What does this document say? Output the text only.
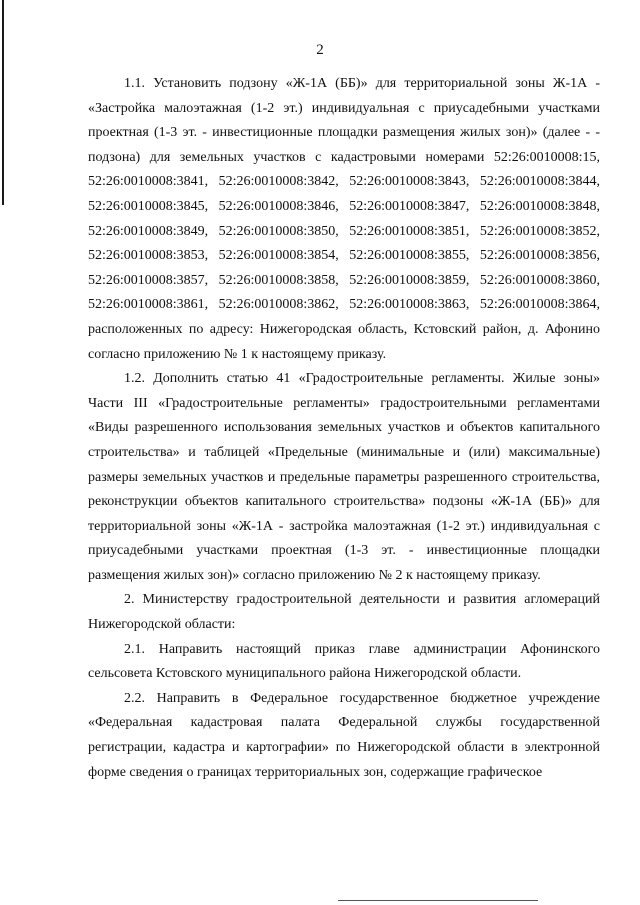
2

1.1. Установить подзону «Ж-1А (ББ)» для территориальной зоны Ж-1А - «Застройка малоэтажная (1-2 эт.) индивидуальная с приусадебными участками проектная (1-3 эт. - инвестиционные площадки размещения жилых зон)» (далее - - подзона) для земельных участков с кадастровыми номерами 52:26:0010008:15, 52:26:0010008:3841, 52:26:0010008:3842, 52:26:0010008:3843, 52:26:0010008:3844, 52:26:0010008:3845, 52:26:0010008:3846, 52:26:0010008:3847, 52:26:0010008:3848, 52:26:0010008:3849, 52:26:0010008:3850, 52:26:0010008:3851, 52:26:0010008:3852, 52:26:0010008:3853, 52:26:0010008:3854, 52:26:0010008:3855, 52:26:0010008:3856, 52:26:0010008:3857, 52:26:0010008:3858, 52:26:0010008:3859, 52:26:0010008:3860, 52:26:0010008:3861, 52:26:0010008:3862, 52:26:0010008:3863, 52:26:0010008:3864, расположенных по адресу: Нижегородская область, Кстовский район, д. Афонино согласно приложению № 1 к настоящему приказу.

1.2. Дополнить статью 41 «Градостроительные регламенты. Жилые зоны» Части III «Градостроительные регламенты» градостроительными регламентами «Виды разрешенного использования земельных участков и объектов капитального строительства» и таблицей «Предельные (минимальные и (или) максимальные) размеры земельных участков и предельные параметры разрешенного строительства, реконструкции объектов капитального строительства» подзоны «Ж-1А (ББ)» для территориальной зоны «Ж-1А - застройка малоэтажная (1-2 эт.) индивидуальная с приусадебными участками проектная (1-3 эт. - инвестиционные площадки размещения жилых зон)» согласно приложению № 2 к настоящему приказу.

2. Министерству градостроительной деятельности и развития агломераций Нижегородской области:

2.1. Направить настоящий приказ главе администрации Афонинского сельсовета Кстовского муниципального района Нижегородской области.

2.2. Направить в Федеральное государственное бюджетное учреждение «Федеральная кадастровая палата Федеральной службы государственной регистрации, кадастра и картографии» по Нижегородской области в электронной форме сведения о границах территориальных зон, содержащие графическое
